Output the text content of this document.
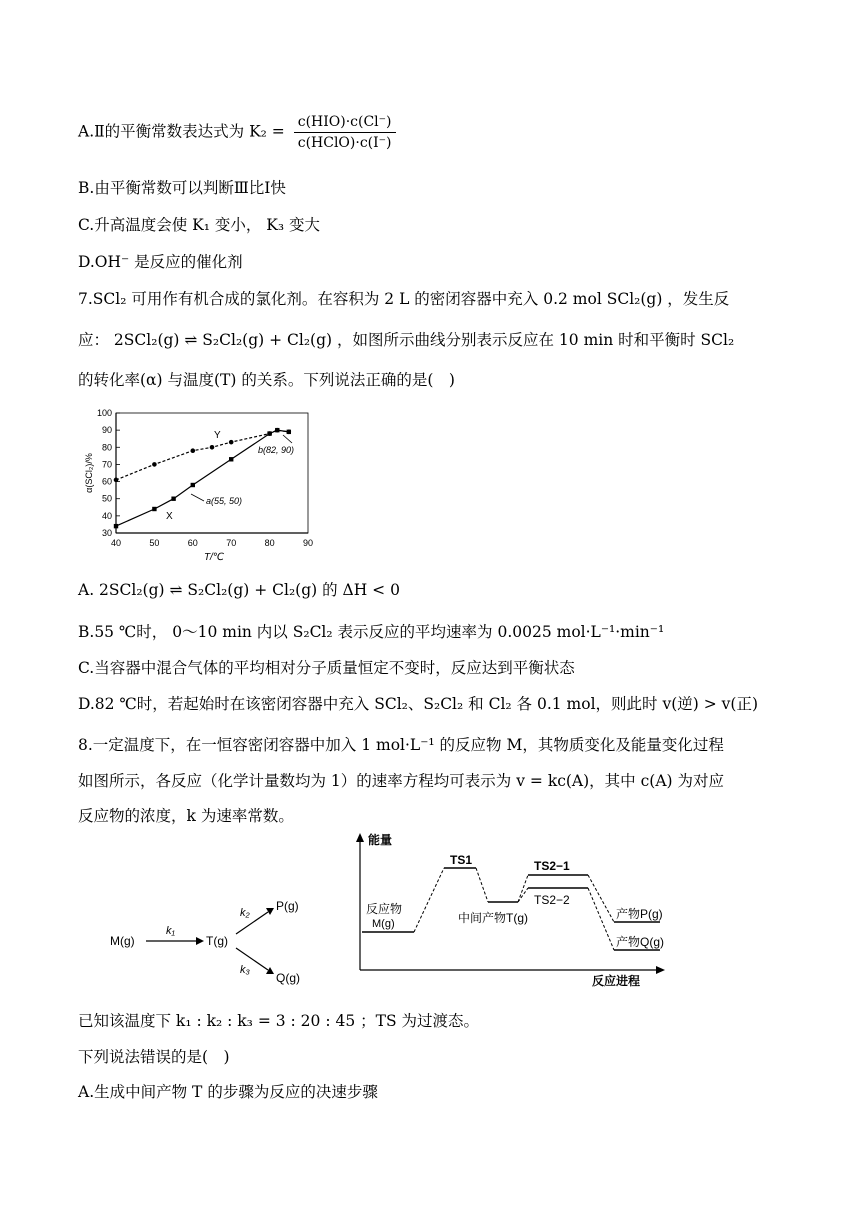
A.Ⅱ的平衡常数表达式为 $K_2 = \frac{\text{c(HIO)·c(Cl⁻)}}{\text{c(HClO)·c(I⁻)}}$
B.由平衡常数可以判断Ⅲ比Ⅰ快
C.升高温度会使 K₁ 变小， K₃ 变大
D.OH⁻ 是反应的催化剂
7.SCl₂ 可用作有机合成的氯化剂。在容积为 2 L 的密闭容器中充入 0.2 mol SCl₂(g) ，发生反
应： 2SCl₂(g) ⇌ S₂Cl₂(g) + Cl₂(g) ，如图所示曲线分别表示反应在 10 min 时和平衡时 SCl₂
的转化率(α) 与温度(T) 的关系。下列说法正确的是(　)
α(SCl₂)/%
T/℃
40	50	60	70	80	90
30
40
50
60
70
80
90
100
Y
X
a(55, 50)
b(82, 90)
A. 2SCl₂(g) ⇌ S₂Cl₂(g) + Cl₂(g) 的 ΔH < 0
B.55 ℃时， 0～10 min 内以 S₂Cl₂ 表示反应的平均速率为 0.0025 mol·L⁻¹·min⁻¹
C.当容器中混合气体的平均相对分子质量恒定不变时，反应达到平衡状态
D.82 ℃时，若起始时在该密闭容器中充入 SCl₂、S₂Cl₂ 和 Cl₂ 各 0.1 mol，则此时 v(逆) > v(正)
8.一定温度下，在一恒容密闭容器中加入 1 mol·L⁻¹ 的反应物 M，其物质变化及能量变化过程
如图所示，各反应（化学计量数均为 1）的速率方程均可表示为 v = kc(A)，其中 c(A) 为对应
反应物的浓度，k 为速率常数。
M(g)
k₁
T(g)
k₂ P(g)
k₃
Q(g)
能量
反应进程
反应物
M(g)
TS1
中间产物T(g)
TS2−1
TS2−2
产物P(g)
产物Q(g)
已知该温度下 k₁ : k₂ : k₃ = 3 : 20 : 45 ；TS 为过渡态。
下列说法错误的是(　)
A.生成中间产物 T 的步骤为反应的决速步骤
